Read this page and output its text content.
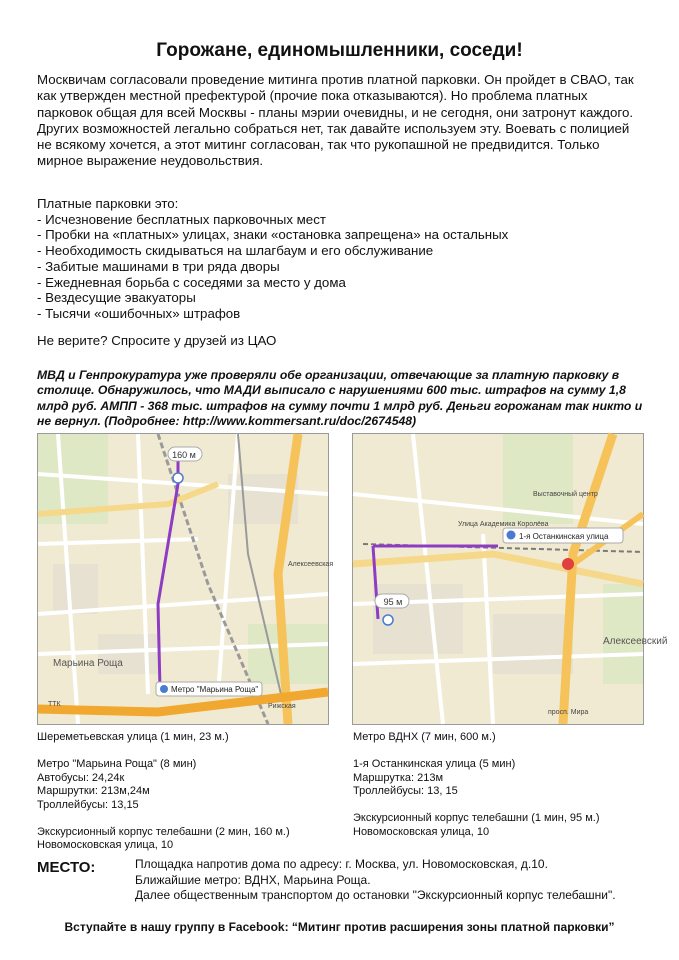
Горожане, единомышленники, соседи!

Москвичам согласовали проведение митинга против платной парковки. Он пройдет в СВАО, так как утвержден местной префектурой (прочие пока отказываются). Но проблема платных парковок общая для всей Москвы - планы мэрии очевидны, и не сегодня, они затронут каждого.

Других возможностей легально собраться нет, так давайте используем эту. Воевать с полицией не всякому хочется, а этот митинг согласован, так что рукопашной не предвидится. Только мирное выражение неудовольствия.

Платные парковки это:
- Исчезновение бесплатных парковочных мест
- Пробки на «платных» улицах, знаки «остановка запрещена» на остальных
- Необходимость скидываться на шлагбаум и его обслуживание
- Забитые машинами в три ряда дворы
- Ежедневная борьба с соседями за место у дома
- Вездесущие эвакуаторы
- Тысячи «ошибочных» штрафов
Не верите? Спросите у друзей из ЦАО
МВД и Генпрокуратура уже проверяли обе организации, отвечающие за платную парковку в столице. Обнаружилось, что МАДИ выписало с нарушениями 600 тыс. штрафов на сумму 1,8 млрд руб. АМПП - 368 тыс. штрафов на сумму почти 1 млрд руб. Деньги горожанам так никто и не вернул. (Подробнее: http://www.kommersant.ru/doc/2674548)
160 м
Алексеевская
Марьина Роща
ТТК	Рижская
Метро "Марьина Роща"
1-я Останкинская улица
95 м
Улица Академика Королёва
Выставочный центр
Алексеевский
просп. Мира
Шереметьевская улица (1 мин, 23 м.)
Метро "Марьина Роща" (8 мин)
Автобусы: 24,24к
Маршрутки: 213м,24м
Троллейбусы: 13,15
Экскурсионный корпус телебашни (2 мин, 160 м.)
Новомосковская улица, 10
Метро ВДНХ (7 мин, 600 м.)
1-я Останкинская улица (5 мин)
Маршрутка: 213м
Троллейбусы: 13, 15
Экскурсионный корпус телебашни (1 мин, 95 м.)
Новомосковская улица, 10
МЕСТО:	Площадка напротив дома по адресу: г. Москва, ул. Новомосковская, д.10.
Ближайшие метро: ВДНХ, Марьина Роща.
Далее общественным транспортом до остановки "Экскурсионный корпус телебашни".
Вступайте в нашу группу в Facebook: “Митинг против расширения зоны платной парковки”
